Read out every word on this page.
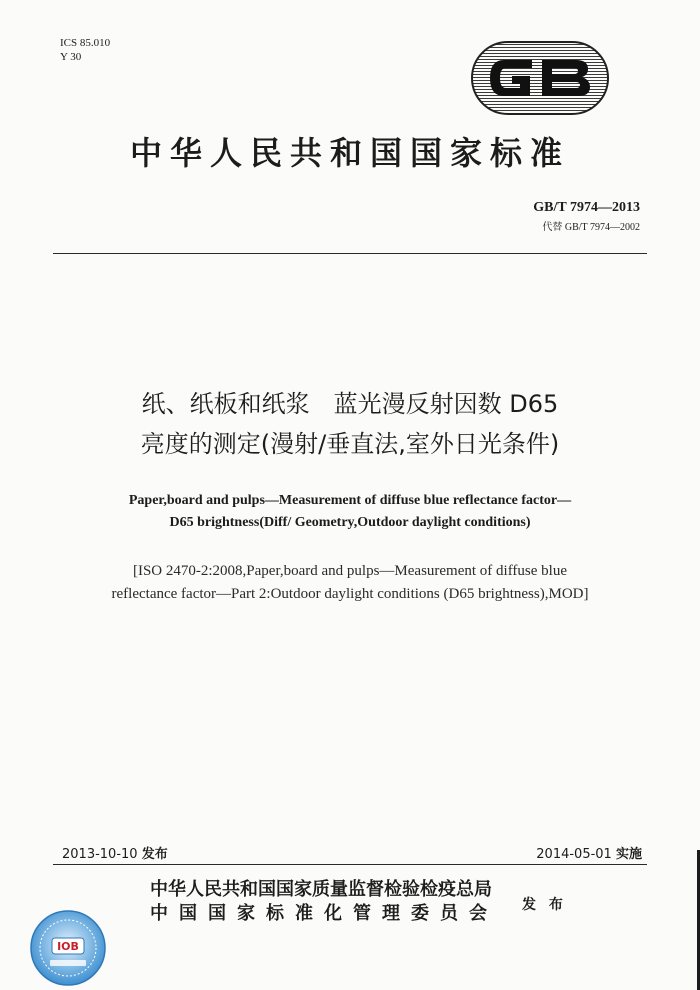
ICS 85.010
Y 30
中华人民共和国国家标准
GB/T 7974—2013
代替 GB/T 7974—2002
纸、纸板和纸浆　蓝光漫反射因数 D65
亮度的测定(漫射/垂直法,室外日光条件)
Paper,board and pulps—Measurement of diffuse blue reflectance factor—
D65 brightness(Diff/ Geometry,Outdoor daylight conditions)
[ISO 2470-2:2008,Paper,board and pulps—Measurement of diffuse blue
reflectance factor—Part 2:Outdoor daylight conditions (D65 brightness),MOD]
2013-10-10 发布	2014-05-01 实施
中华人民共和国国家质量监督检验检疫总局
中国国家标准化管理委员会 发 布
IOB
